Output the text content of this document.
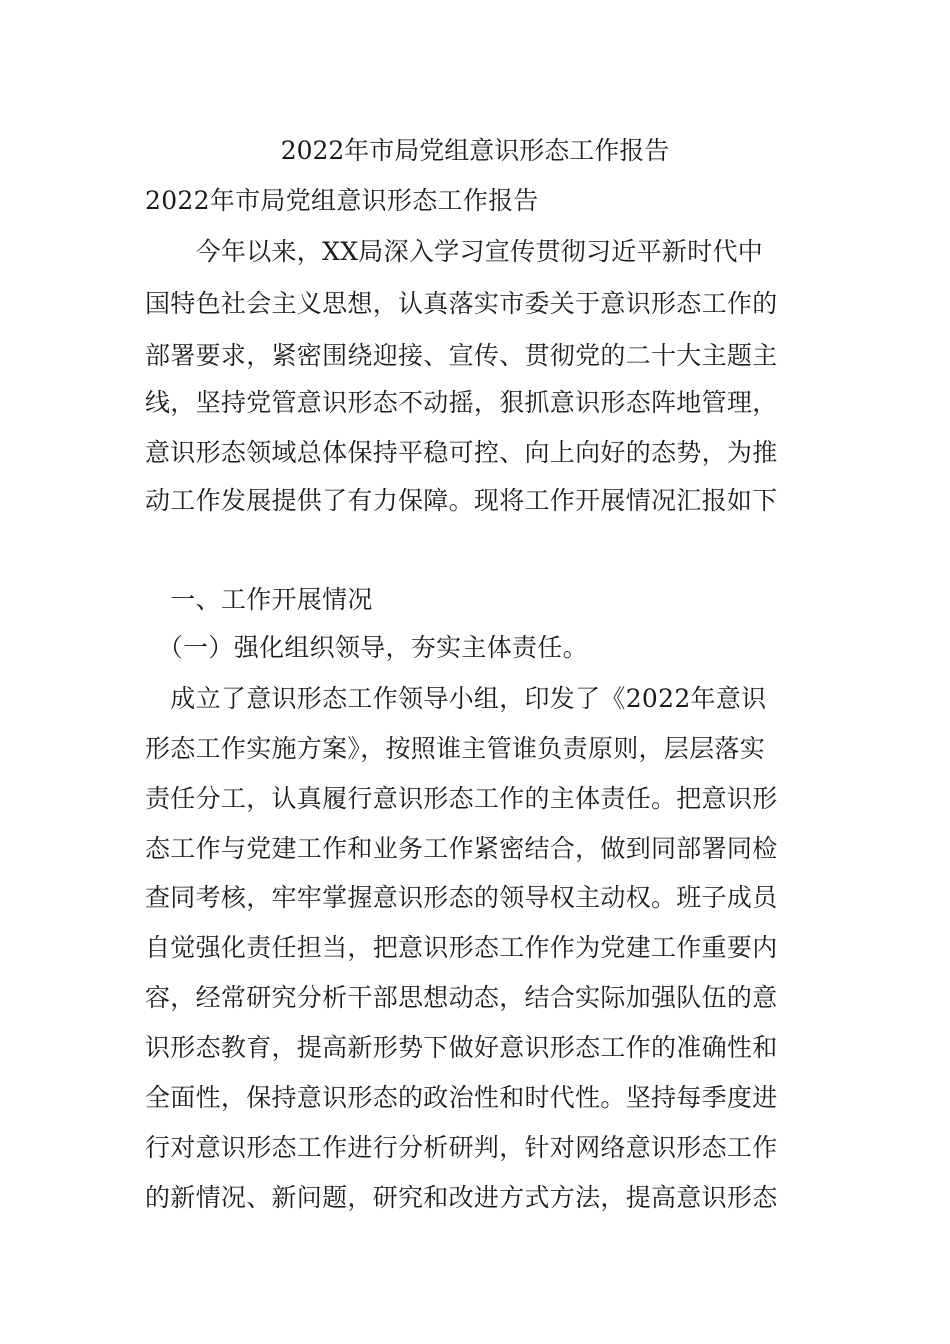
2022年市局党组意识形态工作报告
2022年市局党组意识形态工作报告
　　今年以来，XX局深入学习宣传贯彻习近平新时代中
国特色社会主义思想，认真落实市委关于意识形态工作的
部署要求，紧密围绕迎接、宣传、贯彻党的二十大主题主
线，坚持党管意识形态不动摇，狠抓意识形态阵地管理，
意识形态领域总体保持平稳可控、向上向好的态势，为推
动工作发展提供了有力保障。现将工作开展情况汇报如下
　一、工作开展情况
　（一）强化组织领导，夯实主体责任。
　成立了意识形态工作领导小组，印发了《2022年意识
形态工作实施方案》，按照谁主管谁负责原则，层层落实
责任分工，认真履行意识形态工作的主体责任。把意识形
态工作与党建工作和业务工作紧密结合，做到同部署同检
查同考核，牢牢掌握意识形态的领导权主动权。班子成员
自觉强化责任担当，把意识形态工作作为党建工作重要内
容，经常研究分析干部思想动态，结合实际加强队伍的意
识形态教育，提高新形势下做好意识形态工作的准确性和
全面性，保持意识形态的政治性和时代性。坚持每季度进
行对意识形态工作进行分析研判，针对网络意识形态工作
的新情况、新问题，研究和改进方式方法，提高意识形态
